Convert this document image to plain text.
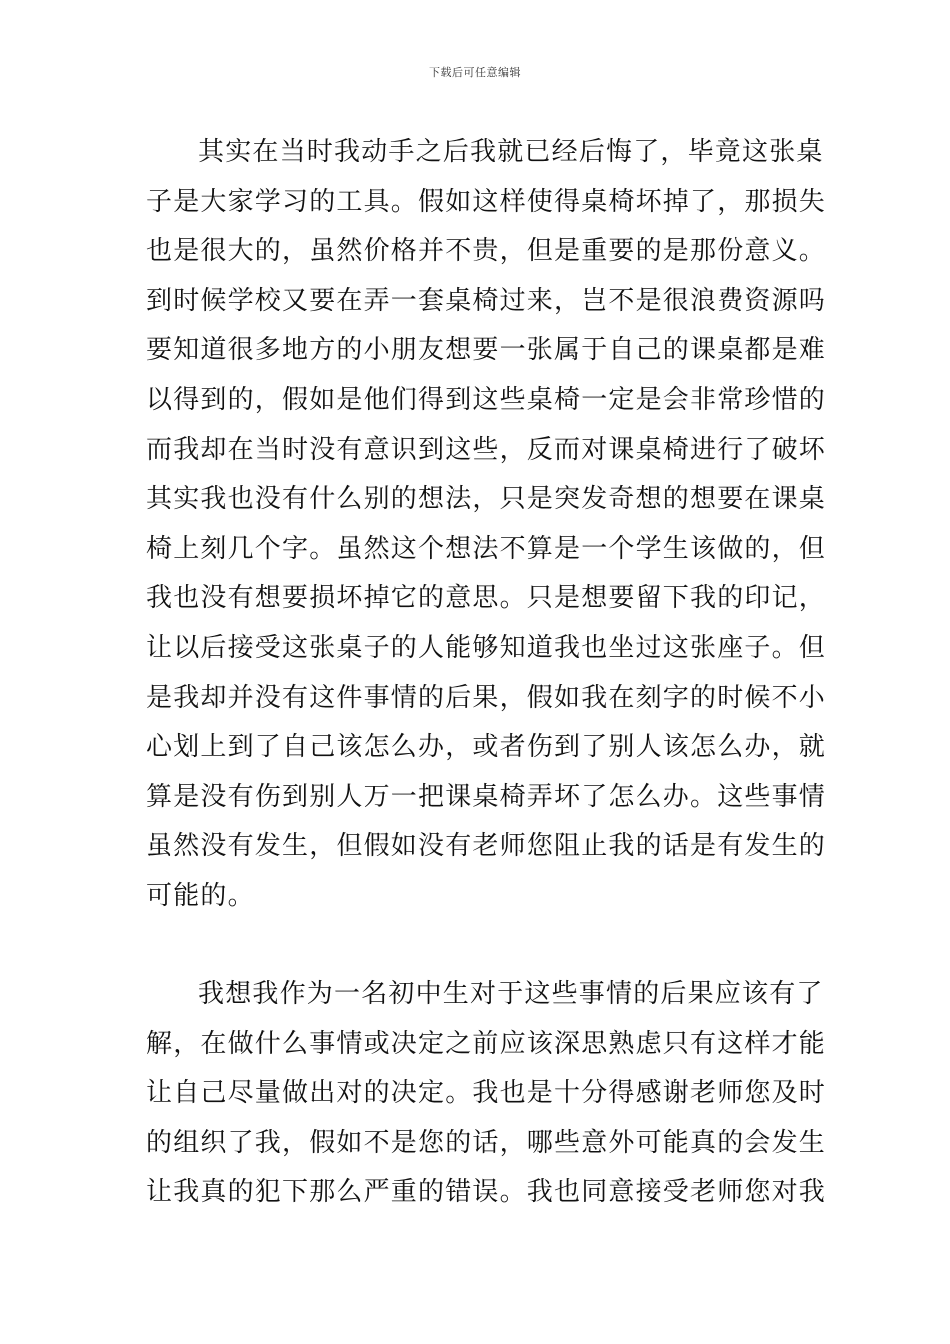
下载后可任意编辑
其实在当时我动手之后我就已经后悔了，毕竟这张桌
子是大家学习的工具。假如这样使得桌椅坏掉了，那损失
也是很大的，虽然价格并不贵，但是重要的是那份意义。
到时候学校又要在弄一套桌椅过来，岂不是很浪费资源吗
要知道很多地方的小朋友想要一张属于自己的课桌都是难
以得到的，假如是他们得到这些桌椅一定是会非常珍惜的
而我却在当时没有意识到这些，反而对课桌椅进行了破坏
其实我也没有什么别的想法，只是突发奇想的想要在课桌
椅上刻几个字。虽然这个想法不算是一个学生该做的，但
我也没有想要损坏掉它的意思。只是想要留下我的印记，
让以后接受这张桌子的人能够知道我也坐过这张座子。但
是我却并没有这件事情的后果，假如我在刻字的时候不小
心划上到了自己该怎么办，或者伤到了别人该怎么办，就
算是没有伤到别人万一把课桌椅弄坏了怎么办。这些事情
虽然没有发生，但假如没有老师您阻止我的话是有发生的
可能的。
我想我作为一名初中生对于这些事情的后果应该有了
解，在做什么事情或决定之前应该深思熟虑只有这样才能
让自己尽量做出对的决定。我也是十分得感谢老师您及时
的组织了我，假如不是您的话，哪些意外可能真的会发生
让我真的犯下那么严重的错误。我也同意接受老师您对我
